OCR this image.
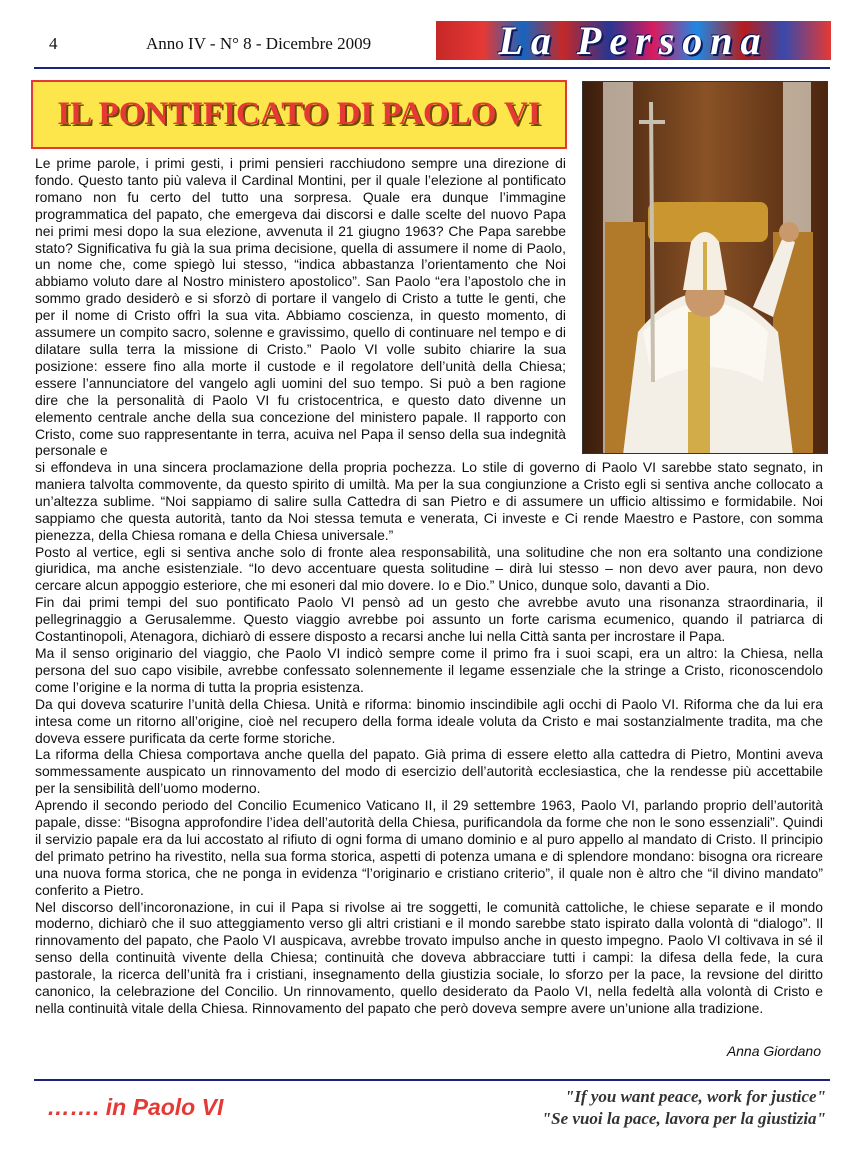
4	Anno IV - N° 8 - Dicembre 2009	La Persona
IL PONTIFICATO DI PAOLO VI

Le prime parole, i primi gesti, i primi pensieri racchiudono sempre una direzione di fondo. Questo tanto più valeva il Cardinal Montini, per il quale l’elezione al pontificato romano non fu certo del tutto una sorpresa. Quale era dunque l’immagine programmatica del papato, che emergeva dai discorsi e dalle scelte del nuovo Papa nei primi mesi dopo la sua elezione, avvenuta il 21 giugno 1963? Che Papa sarebbe stato? Significativa fu già la sua prima decisione, quella di assumere il nome di Paolo, un nome che, come spiegò lui stesso, “indica abbastanza l’orientamento che Noi abbiamo voluto dare al Nostro ministero apostolico”. San Paolo “era l’apostolo che in sommo grado desiderò e si sforzò di portare il vangelo di Cristo a tutte le genti, che per il nome di Cristo offrì la sua vita. Abbiamo coscienza, in questo momento, di assumere un compito sacro, solenne e gravissimo, quello di continuare nel tempo e di dilatare sulla terra la missione di Cristo.” Paolo VI volle subito chiarire la sua posizione: essere fino alla morte il custode e il regolatore dell’unità della Chiesa; essere l’annunciatore del vangelo agli uomini del suo tempo. Si può a ben ragione dire che la personalità di Paolo VI fu cristocentrica, e questo dato divenne un elemento centrale anche della sua concezione del ministero papale. Il rapporto con Cristo, come suo rappresentante in terra, acuiva nel Papa il senso della sua indegnità personale e

si effondeva in una sincera proclamazione della propria pochezza. Lo stile di governo di Paolo VI sarebbe stato segnato, in maniera talvolta commovente, da questo spirito di umiltà. Ma per la sua congiunzione a Cristo egli si sentiva anche collocato a un’altezza sublime. “Noi sappiamo di salire sulla Cattedra di san Pietro e di assumere un ufficio altissimo e formidabile. Noi sappiamo che questa autorità, tanto da Noi stessa temuta e venerata, Ci investe e Ci rende Maestro e Pastore, con somma pienezza, della Chiesa romana e della Chiesa universale.”

Posto al vertice, egli si sentiva anche solo di fronte alea responsabilità, una solitudine che non era soltanto una condizione giuridica, ma anche esistenziale. “Io devo accentuare questa solitudine – dirà lui stesso – non devo aver paura, non devo cercare alcun appoggio esteriore, che mi esoneri dal mio dovere. Io e Dio.” Unico, dunque solo, davanti a Dio.

Fin dai primi tempi del suo pontificato Paolo VI pensò ad un gesto che avrebbe avuto una risonanza straordinaria, il pellegrinaggio a Gerusalemme. Questo viaggio avrebbe poi assunto un forte carisma ecumenico, quando il patriarca di Costantinopoli, Atenagora, dichiarò di essere disposto a recarsi anche lui nella Città santa per incrostare il Papa.

Ma il senso originario del viaggio, che Paolo VI indicò sempre come il primo fra i suoi scapi, era un altro: la Chiesa, nella persona del suo capo visibile, avrebbe confessato solennemente il legame essenziale che la stringe a Cristo, riconoscendolo come l’origine e la norma di tutta la propria esistenza.

Da qui doveva scaturire l’unità della Chiesa. Unità e riforma: binomio inscindibile agli occhi di Paolo VI. Riforma che da lui era intesa come un ritorno all’origine, cioè nel recupero della forma ideale voluta da Cristo e mai sostanzialmente tradita, ma che doveva essere purificata da certe forme storiche.

La riforma della Chiesa comportava anche quella del papato. Già prima di essere eletto alla cattedra di Pietro, Montini aveva sommessamente auspicato un rinnovamento del modo di esercizio dell’autorità ecclesiastica, che la rendesse più accettabile per la sensibilità dell’uomo moderno.

Aprendo il secondo periodo del Concilio Ecumenico Vaticano II, il 29 settembre 1963, Paolo VI, parlando proprio dell’autorità papale, disse: “Bisogna approfondire l’idea dell’autorità della Chiesa, purificandola da forme che non le sono essenziali”. Quindi il servizio papale era da lui accostato al rifiuto di ogni forma di umano dominio e al puro appello al mandato di Cristo. Il principio del primato petrino ha rivestito, nella sua forma storica, aspetti di potenza umana e di splendore mondano: bisogna ora ricreare una nuova forma storica, che ne ponga in evidenza “l’originario e cristiano criterio”, il quale non è altro che “il divino mandato” conferito a Pietro.

Nel discorso dell’incoronazione, in cui il Papa si rivolse ai tre soggetti, le comunità cattoliche, le chiese separate e il mondo moderno, dichiarò che il suo atteggiamento verso gli altri cristiani e il mondo sarebbe stato ispirato dalla volontà di “dialogo”. Il rinnovamento del papato, che Paolo VI auspicava, avrebbe trovato impulso anche in questo impegno. Paolo VI coltivava in sé il senso della continuità vivente della Chiesa; continuità che doveva abbracciare tutti i campi: la difesa della fede, la cura pastorale, la ricerca dell’unità fra i cristiani, insegnamento della giustizia sociale, lo sforzo per la pace, la revsione del diritto canonico, la celebrazione del Concilio. Un rinnovamento, quello desiderato da Paolo VI, nella fedeltà alla volontà di Cristo e nella continuità vitale della Chiesa. Rinnovamento del papato che però doveva sempre avere un’unione alla tradizione.

Anna Giordano
……. in Paolo VI	"If you want peace, work for justice"
"Se vuoi la pace, lavora per la giustizia"
